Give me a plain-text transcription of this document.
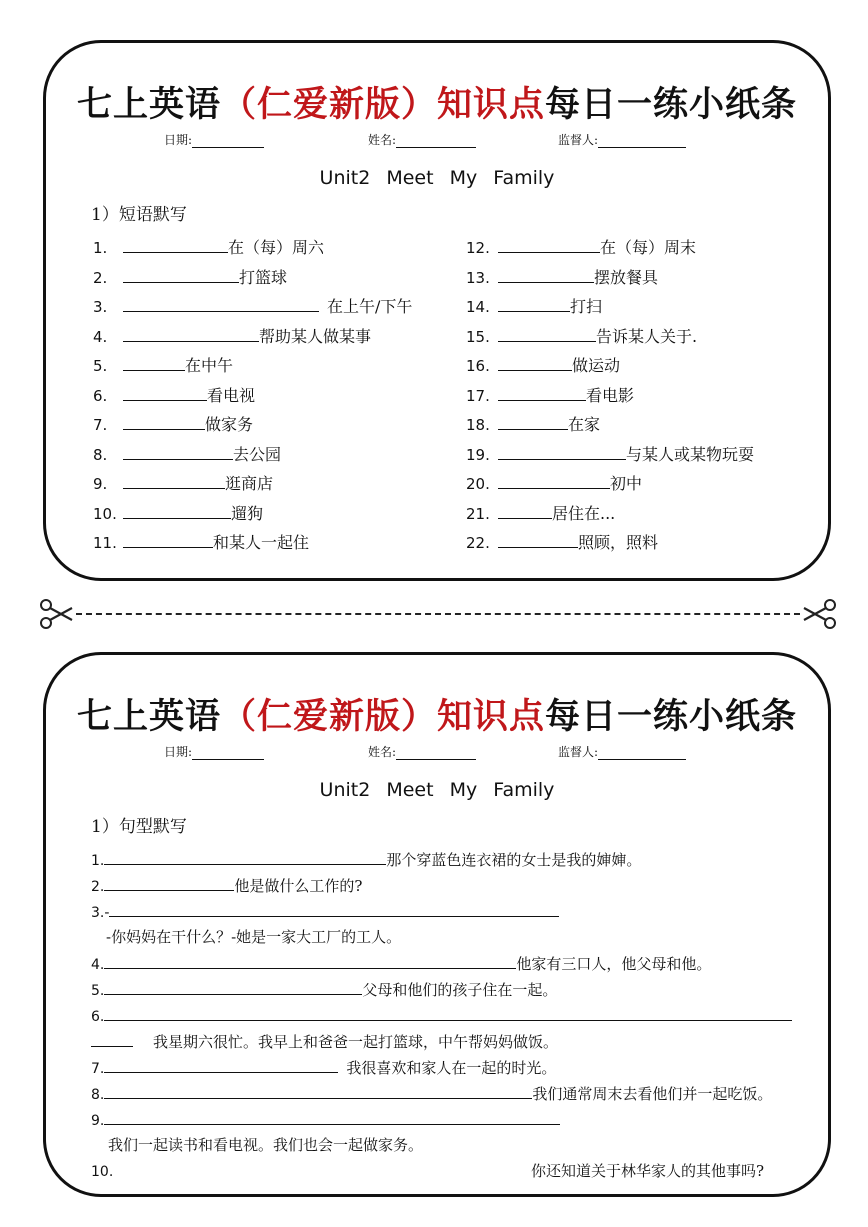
七上英语（仁爱新版）知识点每日一练小纸条
日期:	姓名:	监督人:
Unit2 Meet My Family
1）短语默写
1.	在（每）周六
2.	打篮球
3.	在上午/下午
4.	帮助某人做某事
5.	在中午
6.	看电视
7.	做家务
8.	去公园
9.	逛商店
10.	遛狗
11.	和某人一起住
12.	在（每）周末
13.	摆放餐具
14.	打扫
15.	告诉某人关于.
16.	做运动
17.	看电影
18.	在家
19.	与某人或某物玩耍
20.	初中
21.	居住在...
22.	照顾，照料
七上英语（仁爱新版）知识点每日一练小纸条
日期:	姓名:	监督人:
Unit2 Meet My Family
1）句型默写
1.	那个穿蓝色连衣裙的女士是我的婶婶。
2.	他是做什么工作的?
3.-
-你妈妈在干什么？-她是一家大工厂的工人。
4.	他家有三口人，他父母和他。
5.	父母和他们的孩子住在一起。
6.
我星期六很忙。我早上和爸爸一起打篮球，中午帮妈妈做饭。
7.	我很喜欢和家人在一起的时光。
8.	我们通常周末去看他们并一起吃饭。
9.
我们一起读书和看电视。我们也会一起做家务。
10.	你还知道关于林华家人的其他事吗?
